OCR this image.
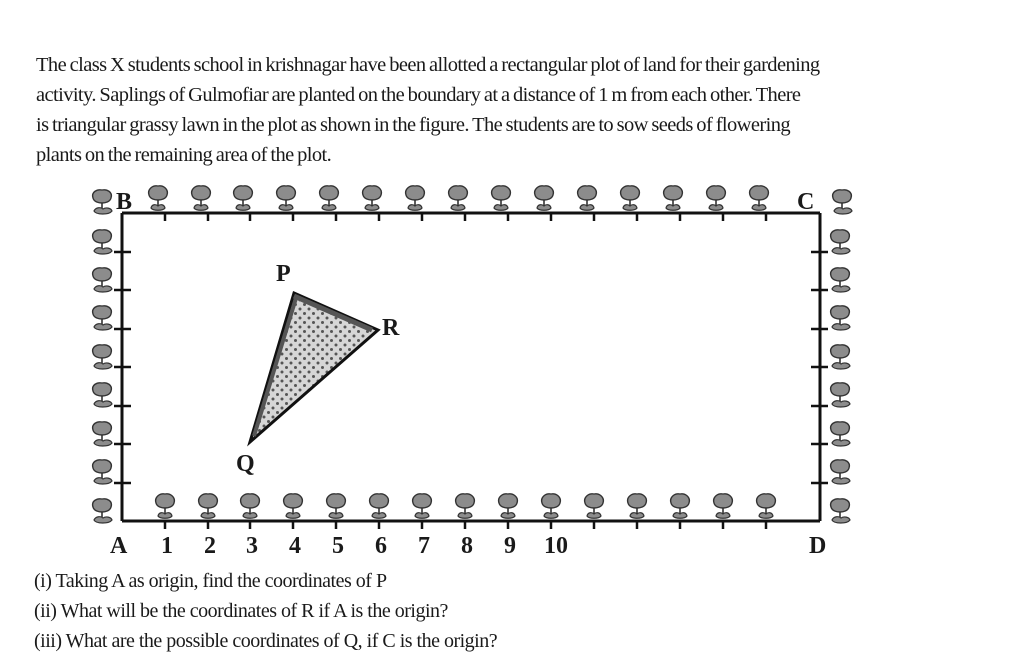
The class X students school in krishnagar have been allotted a rectangular plot of land for their gardening
activity. Saplings of Gulmofiar are planted on the boundary at a distance of 1 m from each other. There
is triangular grassy lawn in the plot as shown in the figure. The students are to sow seeds of flowering
plants on the remaining area of the plot.
B	C
A	D
P
R
Q
1 2 3 4 5 6 7 8 9 10
(i) Taking A as origin, find the coordinates of P
(ii) What will be the coordinates of R if A is the origin?
(iii) What are the possible coordinates of Q, if C is the origin?
